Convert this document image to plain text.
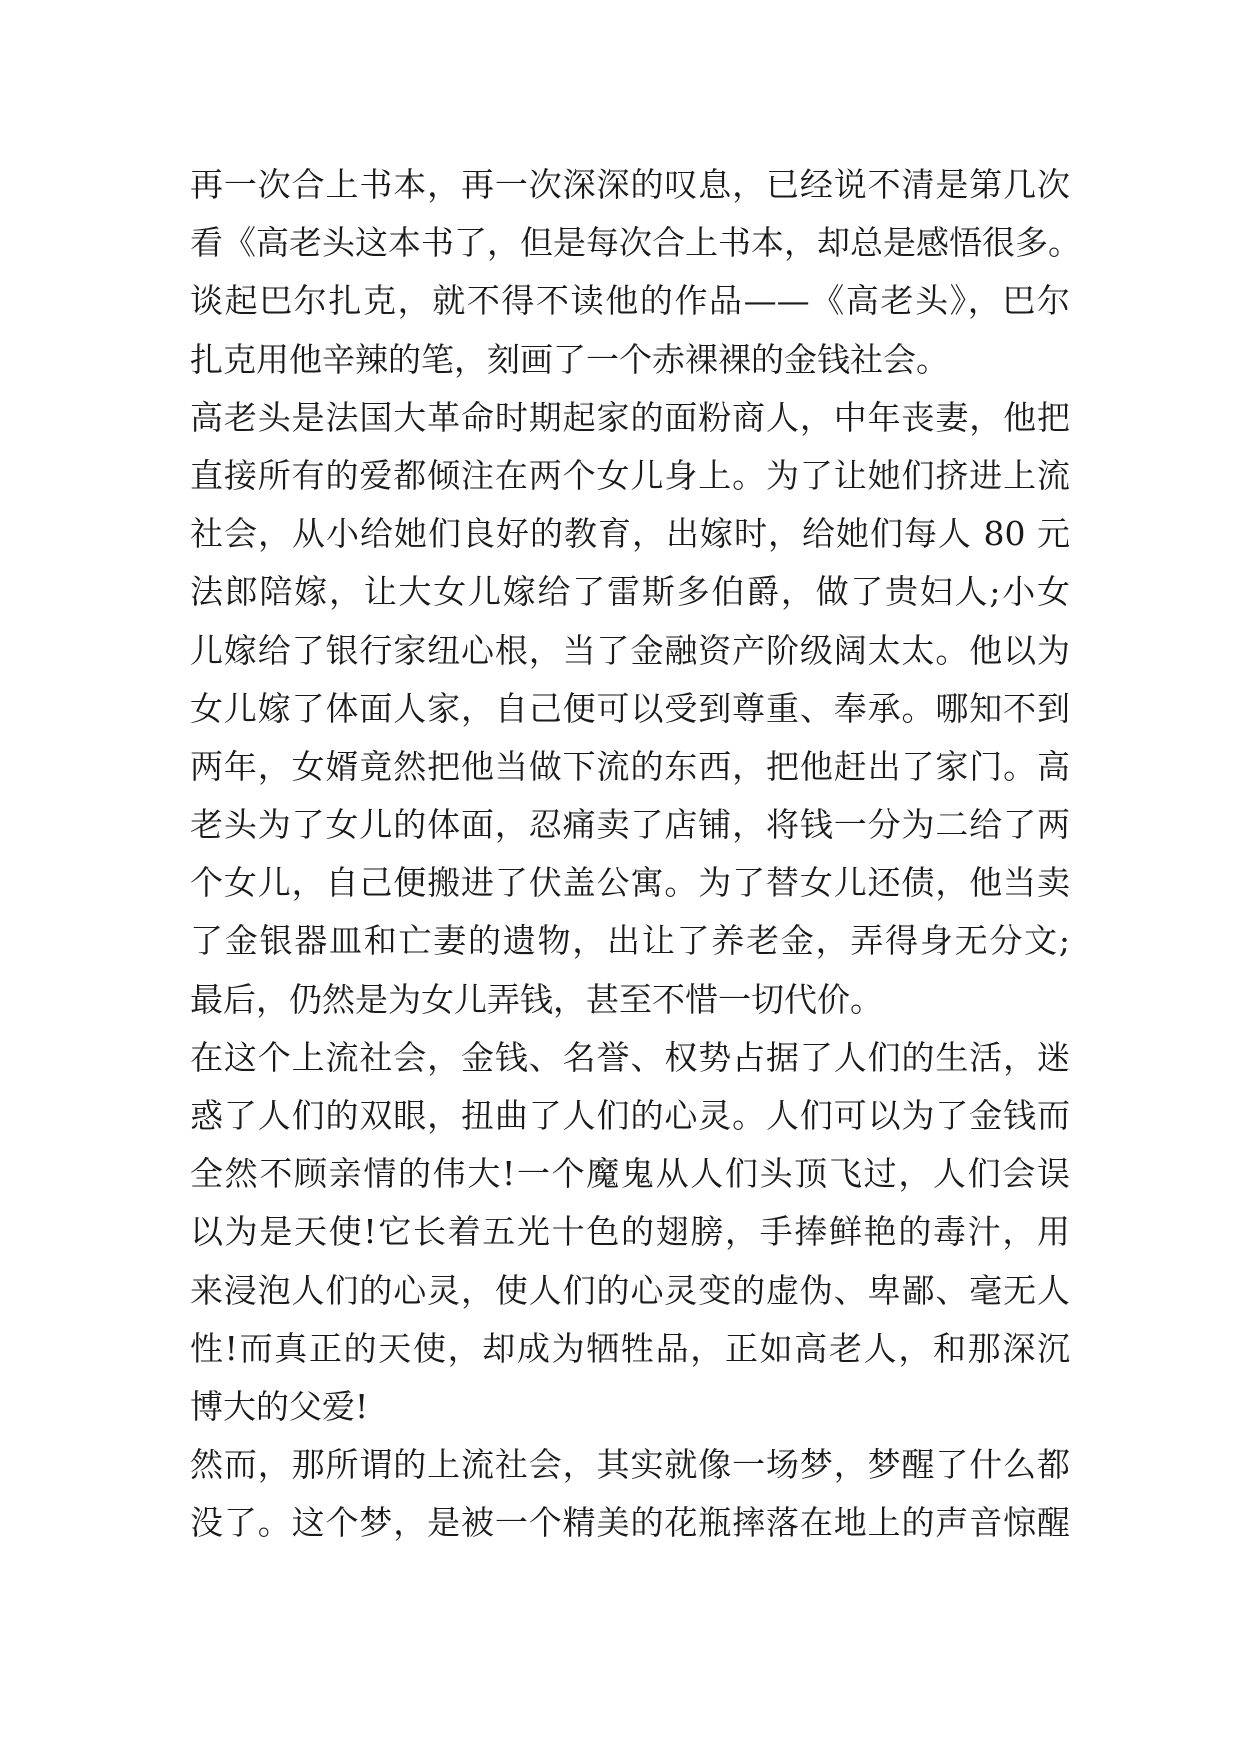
再一次合上书本，再一次深深的叹息，已经说不清是第几次
看《高老头这本书了，但是每次合上书本，却总是感悟很多。
谈起巴尔扎克，就不得不读他的作品——《高老头》，巴尔
扎克用他辛辣的笔，刻画了一个赤裸裸的金钱社会。
高老头是法国大革命时期起家的面粉商人，中年丧妻，他把
直接所有的爱都倾注在两个女儿身上。为了让她们挤进上流
社会，从小给她们良好的教育，出嫁时，给她们每人 80 元
法郎陪嫁，让大女儿嫁给了雷斯多伯爵，做了贵妇人;小女
儿嫁给了银行家纽心根，当了金融资产阶级阔太太。他以为
女儿嫁了体面人家，自己便可以受到尊重、奉承。哪知不到
两年，女婿竟然把他当做下流的东西，把他赶出了家门。高
老头为了女儿的体面，忍痛卖了店铺，将钱一分为二给了两
个女儿，自己便搬进了伏盖公寓。为了替女儿还债，他当卖
了金银器皿和亡妻的遗物，出让了养老金，弄得身无分文;
最后，仍然是为女儿弄钱，甚至不惜一切代价。
在这个上流社会，金钱、名誉、权势占据了人们的生活，迷
惑了人们的双眼，扭曲了人们的心灵。人们可以为了金钱而
全然不顾亲情的伟大!一个魔鬼从人们头顶飞过，人们会误
以为是天使!它长着五光十色的翅膀，手捧鲜艳的毒汁，用
来浸泡人们的心灵，使人们的心灵变的虚伪、卑鄙、毫无人
性!而真正的天使，却成为牺牲品，正如高老人，和那深沉
博大的父爱!
然而，那所谓的上流社会，其实就像一场梦，梦醒了什么都
没了。这个梦，是被一个精美的花瓶摔落在地上的声音惊醒
